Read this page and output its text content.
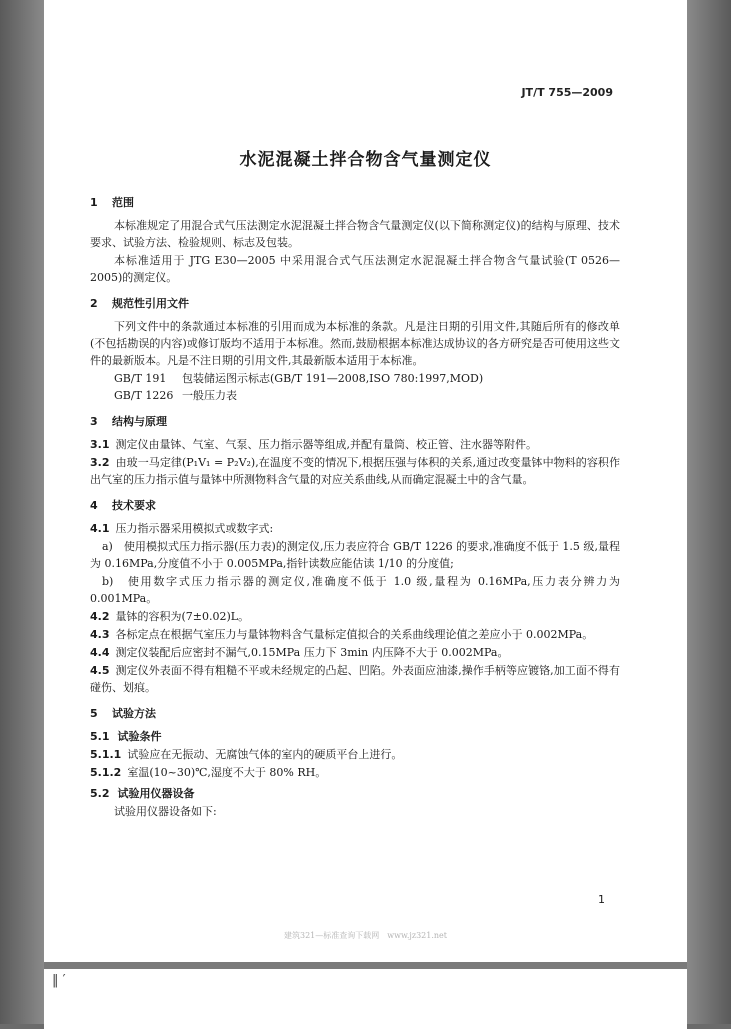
JT/T 755—2009
水泥混凝土拌合物含气量测定仪
1 范围

本标准规定了用混合式气压法测定水泥混凝土拌合物含气量测定仪(以下简称测定仪)的结构与原理、技术要求、试验方法、检验规则、标志及包装。

本标准适用于 JTG E30—2005 中采用混合式气压法测定水泥混凝土拌合物含气量试验(T 0526—2005)的测定仪。

2 规范性引用文件

下列文件中的条款通过本标准的引用而成为本标准的条款。凡是注日期的引用文件,其随后所有的修改单(不包括勘误的内容)或修订版均不适用于本标准。然而,鼓励根据本标准达成协议的各方研究是否可使用这些文件的最新版本。凡是不注日期的引用文件,其最新版本适用于本标准。

GB/T 191 包装储运图示标志(GB/T 191—2008,ISO 780:1997,MOD)

GB/T 1226 一般压力表

3 结构与原理

3.1 测定仪由量钵、气室、气泵、压力指示器等组成,并配有量筒、校正管、注水器等附件。

3.2 由玻一马定律(P₁V₁ = P₂V₂),在温度不变的情况下,根据压强与体积的关系,通过改变量钵中物料的容积作出气室的压力指示值与量钵中所测物料含气量的对应关系曲线,从而确定混凝土中的含气量。

4 技术要求

4.1 压力指示器采用模拟式或数字式:

a)　使用模拟式压力指示器(压力表)的测定仪,压力表应符合 GB/T 1226 的要求,准确度不低于 1.5 级,量程为 0.16MPa,分度值不小于 0.005MPa,指针读数应能估读 1/10 的分度值;

b)　使用数字式压力指示器的测定仪,准确度不低于 1.0 级,量程为 0.16MPa,压力表分辨力为 0.001MPa。

4.2 量钵的容积为(7±0.02)L。

4.3 各标定点在根据气室压力与量钵物料含气量标定值拟合的关系曲线理论值之差应小于 0.002MPa。

4.4 测定仪装配后应密封不漏气,0.15MPa 压力下 3min 内压降不大于 0.002MPa。

4.5 测定仪外表面不得有粗糙不平或未经规定的凸起、凹陷。外表面应油漆,操作手柄等应镀铬,加工面不得有碰伤、划痕。

5 试验方法
5.1 试验条件

5.1.1 试验应在无振动、无腐蚀气体的室内的硬质平台上进行。

5.1.2 室温(10~30)℃,湿度不大于 80% RH。

5.2 试验用仪器设备

试验用仪器设备如下:

1
建筑321—标准查询下载网　www.jz321.net
‖ ′
